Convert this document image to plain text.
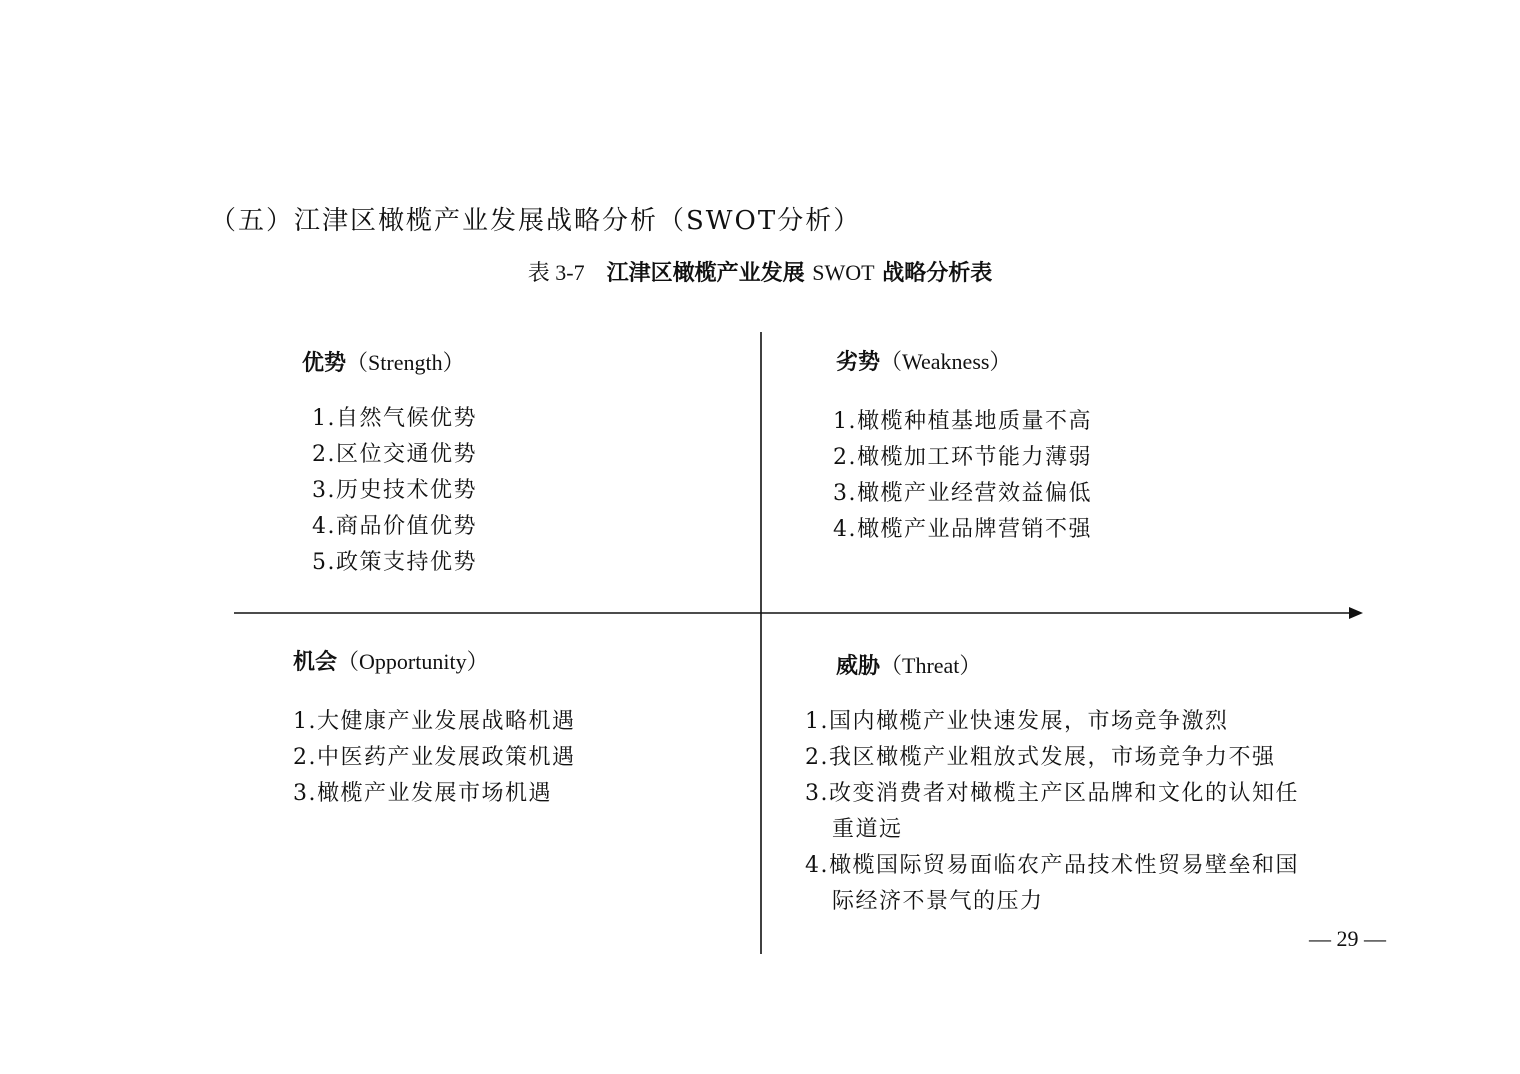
（五）江津区橄榄产业发展战略分析（SWOT分析）
表 3-7 江津区橄榄产业发展 SWOT 战略分析表
优势（Strength）
1.自然气候优势
2.区位交通优势
3.历史技术优势
4.商品价值优势
5.政策支持优势
劣势（Weakness）
1.橄榄种植基地质量不高
2.橄榄加工环节能力薄弱
3.橄榄产业经营效益偏低
4.橄榄产业品牌营销不强
机会（Opportunity）
1.大健康产业发展战略机遇
2.中医药产业发展政策机遇
3.橄榄产业发展市场机遇
威胁（Threat）
1.国内橄榄产业快速发展，市场竞争激烈
2.我区橄榄产业粗放式发展，市场竞争力不强
3.改变消费者对橄榄主产区品牌和文化的认知任
重道远
4.橄榄国际贸易面临农产品技术性贸易壁垒和国
际经济不景气的压力
— 29 —
